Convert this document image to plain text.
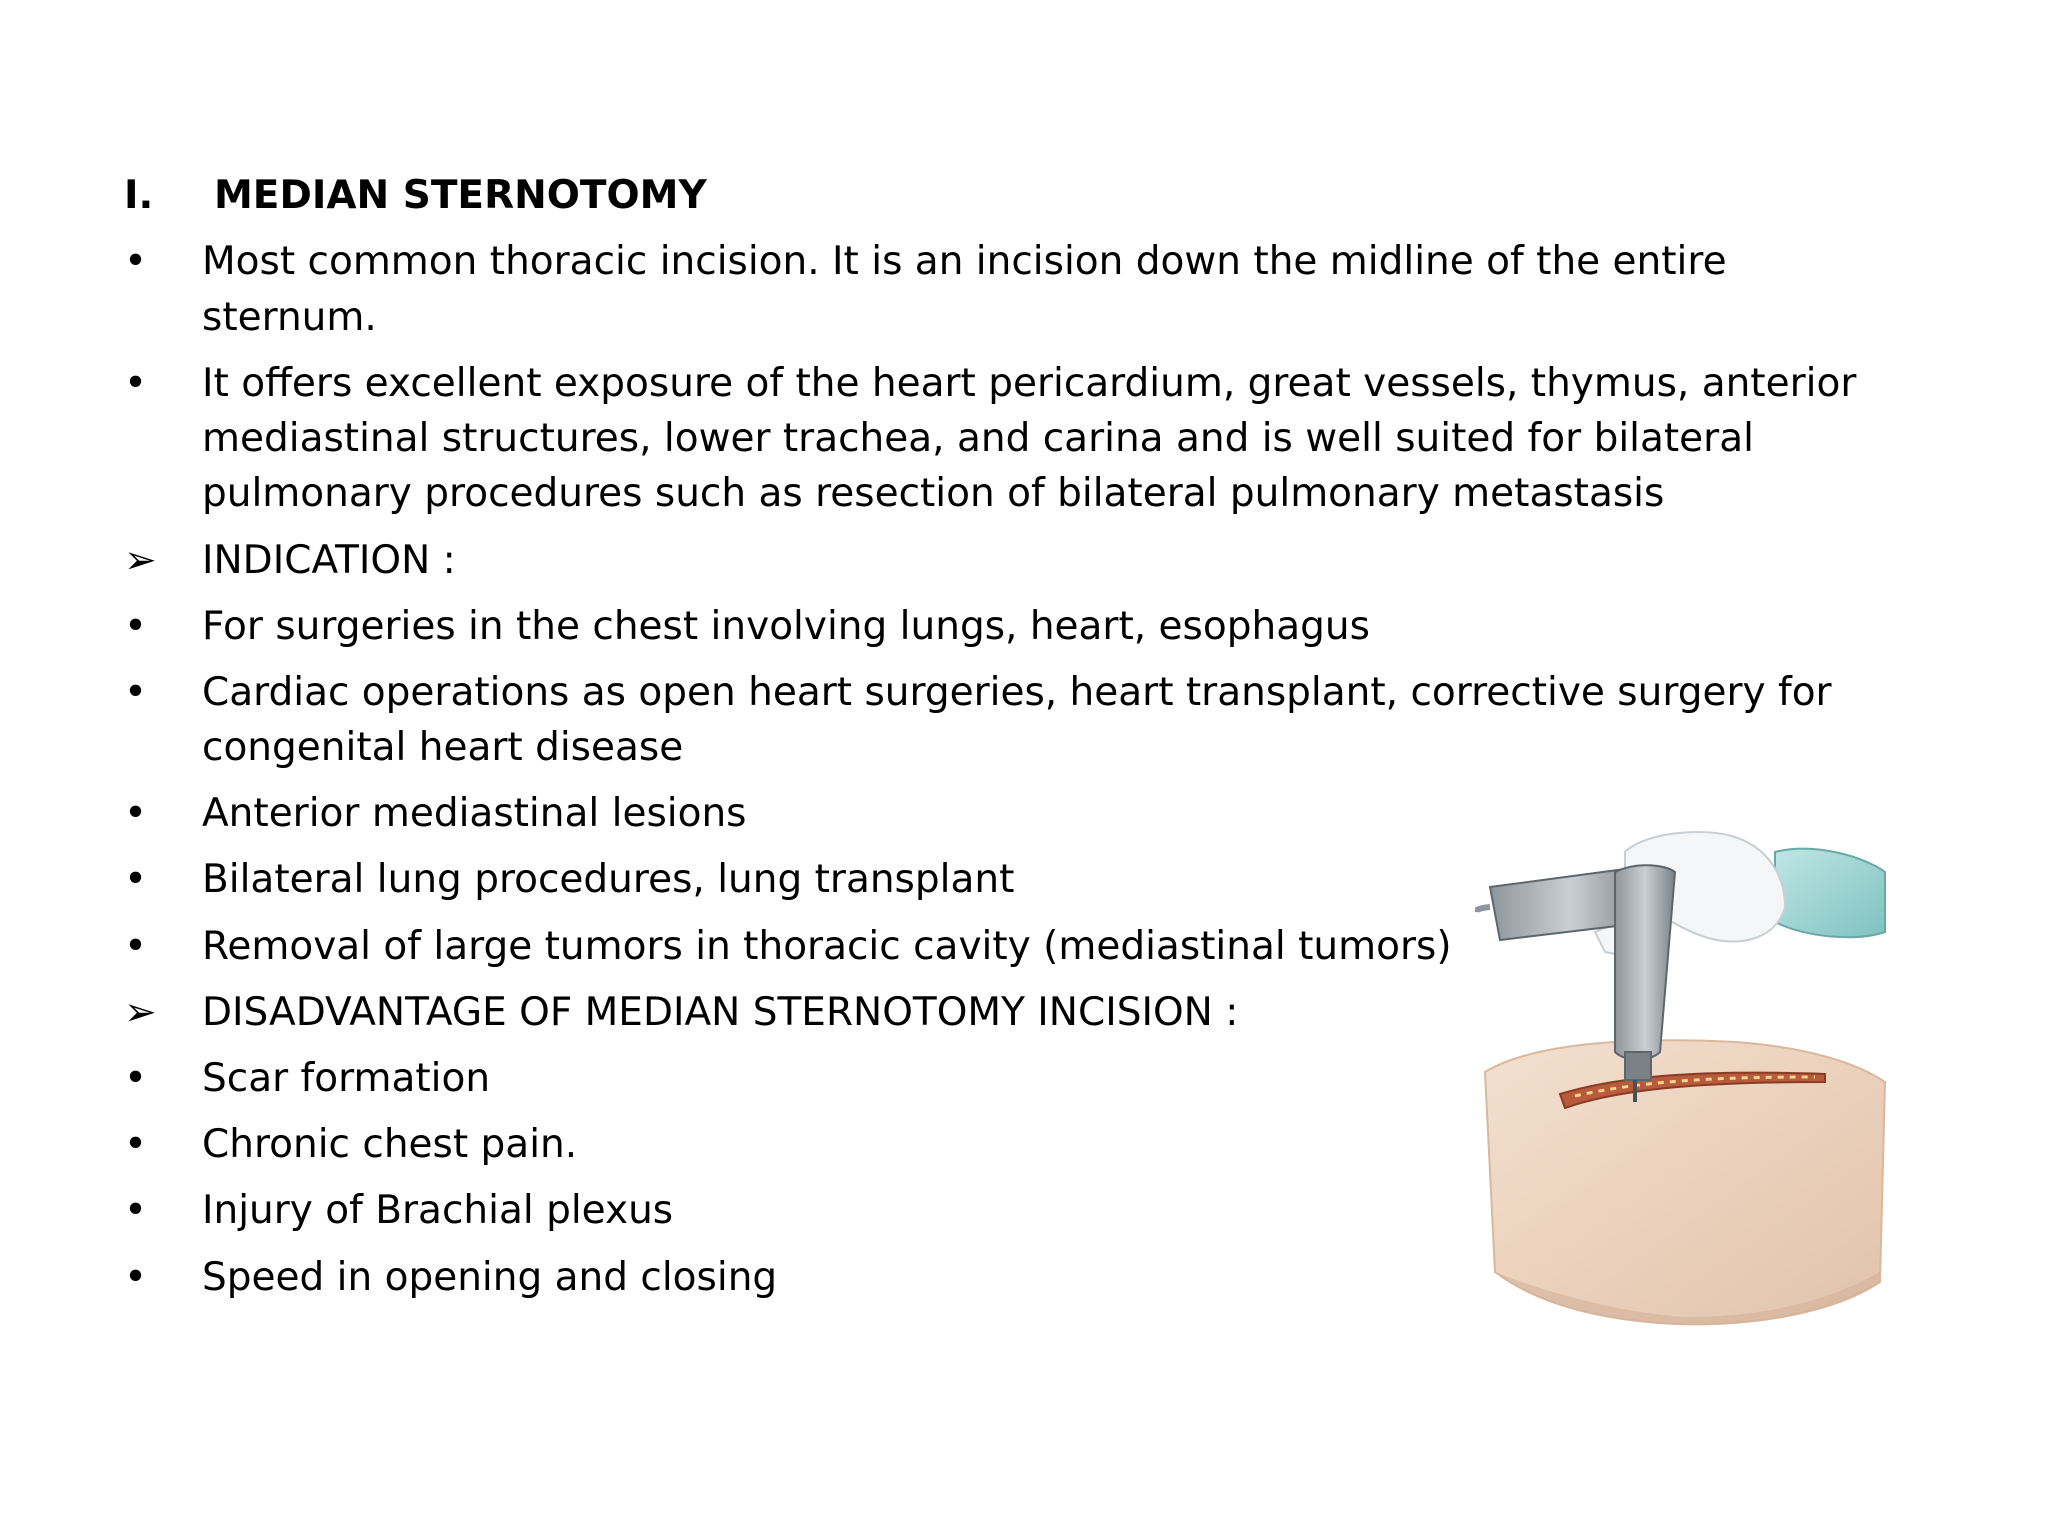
I. MEDIAN STERNOTOMY
• Most common thoracic incision. It is an incision down the midline of the entire
sternum.
• It offers excellent exposure of the heart pericardium, great vessels, thymus, anterior
mediastinal structures, lower trachea, and carina and is well suited for bilateral
pulmonary procedures such as resection of bilateral pulmonary metastasis
➢ INDICATION :
• For surgeries in the chest involving lungs, heart, esophagus
• Cardiac operations as open heart surgeries, heart transplant, corrective surgery for
congenital heart disease
• Anterior mediastinal lesions
• Bilateral lung procedures, lung transplant
• Removal of large tumors in thoracic cavity (mediastinal tumors)
➢ DISADVANTAGE OF MEDIAN STERNOTOMY INCISION :
• Scar formation
• Chronic chest pain.
• Injury of Brachial plexus
• Speed in opening and closing
